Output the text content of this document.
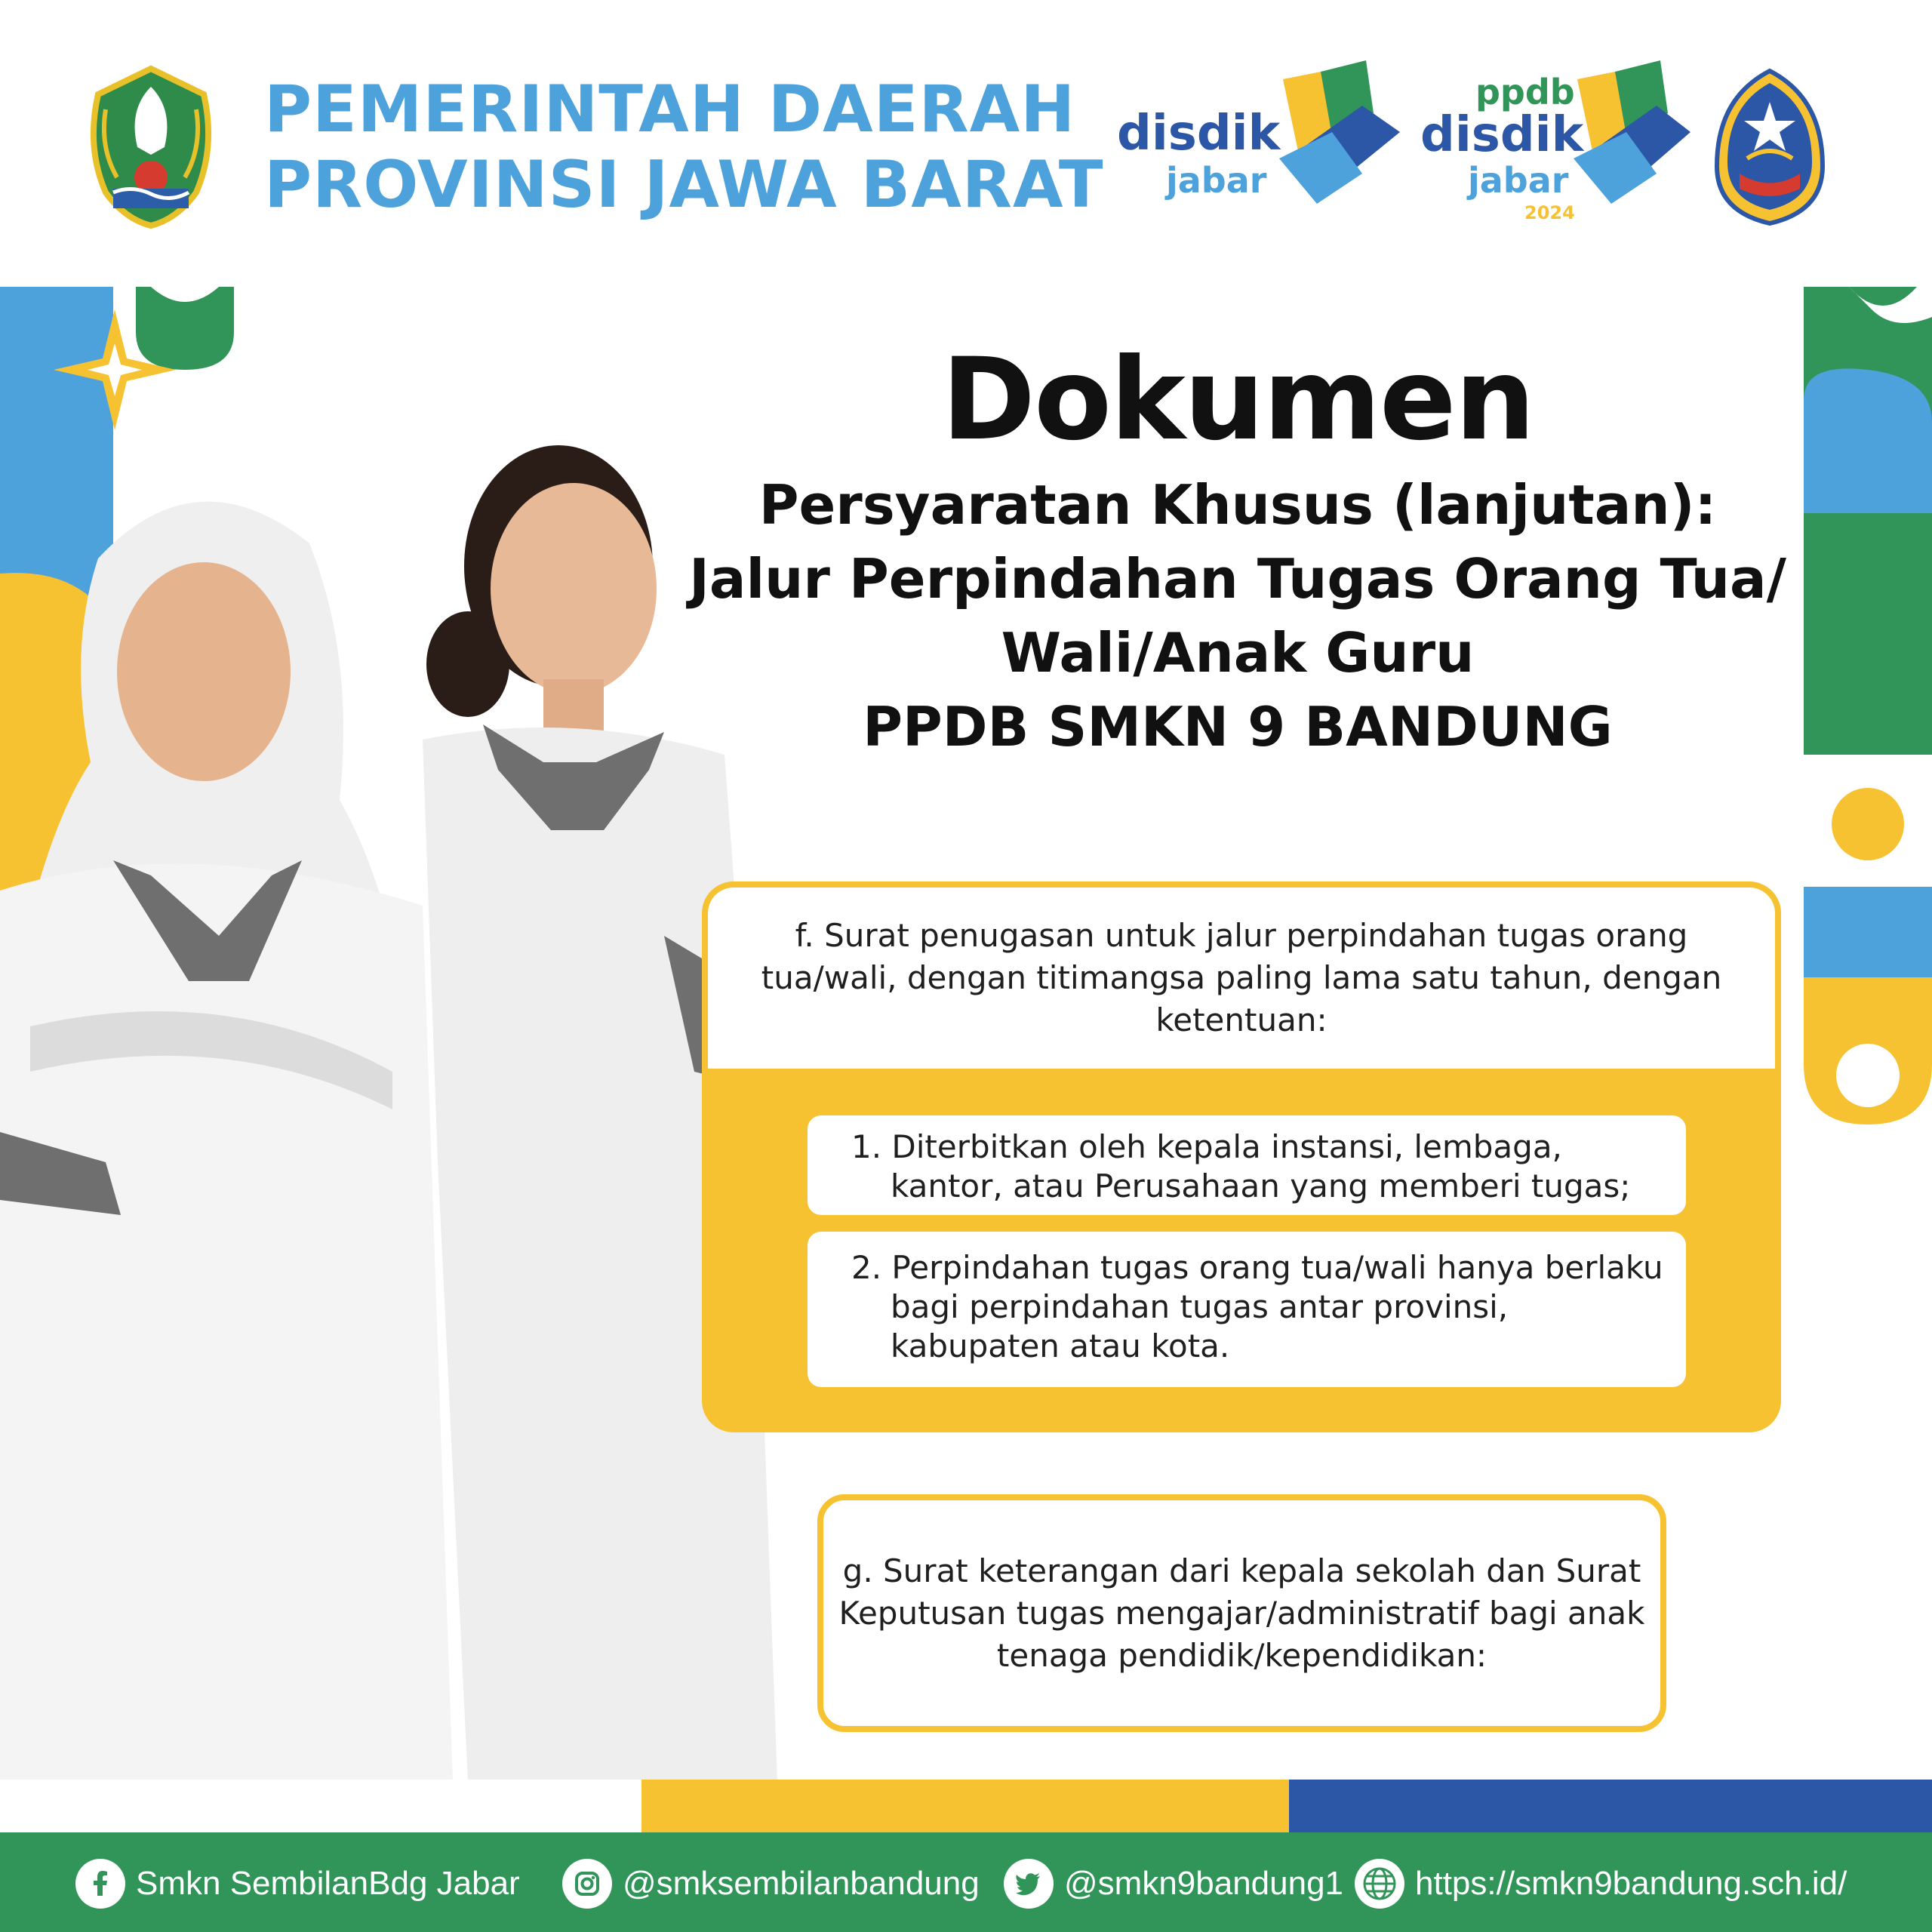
PEMERINTAH DAERAH
PROVINSI JAWA BARAT
disdik
jabar
ppdb
disdik
jabar
2024
Dokumen
Persyaratan Khusus (lanjutan):
Jalur Perpindahan Tugas Orang Tua/
Wali/Anak Guru
PPDB SMKN 9 BANDUNG

f. Surat penugasan untuk jalur perpindahan tugas orang tua/wali, dengan titimangsa paling lama satu tahun, dengan ketentuan:

1. Diterbitkan oleh kepala instansi, lembaga, kantor, atau Perusahaan yang memberi tugas;

2. Perpindahan tugas orang tua/wali hanya berlaku bagi perpindahan tugas antar provinsi, kabupaten atau kota.

g. Surat keterangan dari kepala sekolah dan Surat Keputusan tugas mengajar/administratif bagi anak tenaga pendidik/kependidikan:

Smkn SembilanBdg Jabar	@smksembilanbandung	@smkn9bandung1 https://smkn9bandung.sch.id/
